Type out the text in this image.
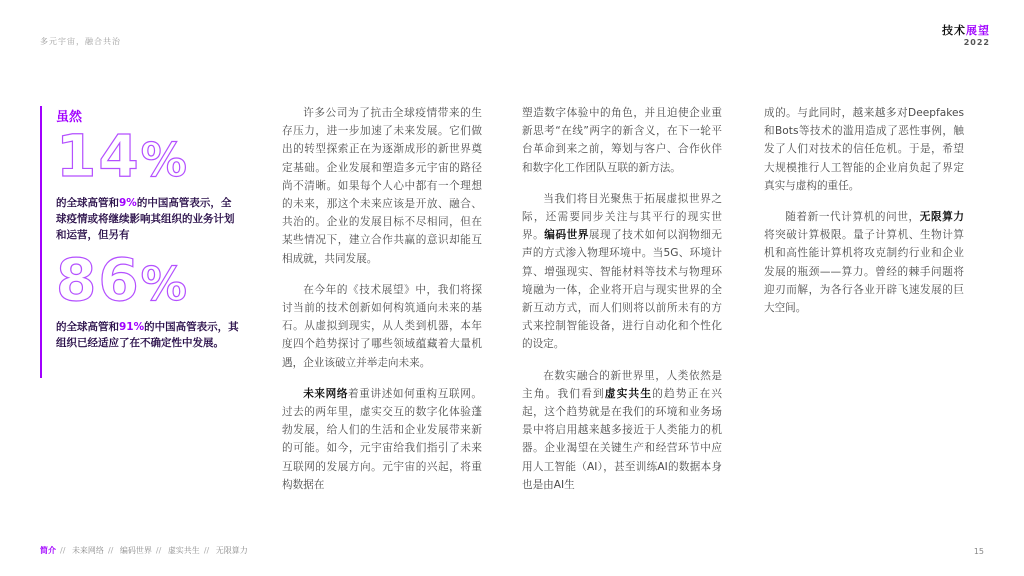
多元宇宙，融合共治
技术展望
2022
虽然
14%
的全球高管和9%的中国高管表示，全球疫情或将继续影响其组织的业务计划和运营，但另有
86%
的全球高管和91%的中国高管表示，其组织已经适应了在不确定性中发展。

许多公司为了抗击全球疫情带来的生存压力，进一步加速了未来发展。它们做出的转型探索正在为逐渐成形的新世界奠定基础。企业发展和塑造多元宇宙的路径尚不清晰。如果每个人心中都有一个理想的未来，那这个未来应该是开放、融合、共治的。企业的发展目标不尽相同，但在某些情况下，建立合作共赢的意识却能互相成就，共同发展。

在今年的《技术展望》中，我们将探讨当前的技术创新如何构筑通向未来的基石。从虚拟到现实，从人类到机器，本年度四个趋势探讨了哪些领域蕴藏着大量机遇，企业该破立并举走向未来。

未来网络着重讲述如何重构互联网。过去的两年里，虚实交互的数字化体验蓬勃发展，给人们的生活和企业发展带来新的可能。如今，元宇宙给我们指引了未来互联网的发展方向。元宇宙的兴起，将重构数据在

塑造数字体验中的角色，并且迫使企业重新思考“在线”两字的新含义，在下一轮平台革命到来之前，筹划与客户、合作伙伴和数字化工作团队互联的新方法。

当我们将目光聚焦于拓展虚拟世界之际，还需要同步关注与其平行的现实世界。编码世界展现了技术如何以润物细无声的方式渗入物理环境中。当5G、环境计算、增强现实、智能材料等技术与物理环境融为一体，企业将开启与现实世界的全新互动方式，而人们则将以前所未有的方式来控制智能设备，进行自动化和个性化的设定。

在数实融合的新世界里，人类依然是主角。我们看到虚实共生的趋势正在兴起，这个趋势就是在我们的环境和业务场景中将启用越来越多接近于人类能力的机器。企业渴望在关键生产和经营环节中应用人工智能（AI），甚至训练AI的数据本身也是由AI生

成的。与此同时，越来越多对Deepfakes和Bots等技术的滥用造成了恶性事例，触发了人们对技术的信任危机。于是，希望大规模推行人工智能的企业肩负起了界定真实与虚构的重任。

随着新一代计算机的问世，无限算力将突破计算极限。量子计算机、生物计算机和高性能计算机将攻克制约行业和企业发展的瓶颈——算力。曾经的棘手问题将迎刃而解，为各行各业开辟飞速发展的巨大空间。

简介 // 未来网络 // 编码世界 // 虚实共生 // 无限算力	15
